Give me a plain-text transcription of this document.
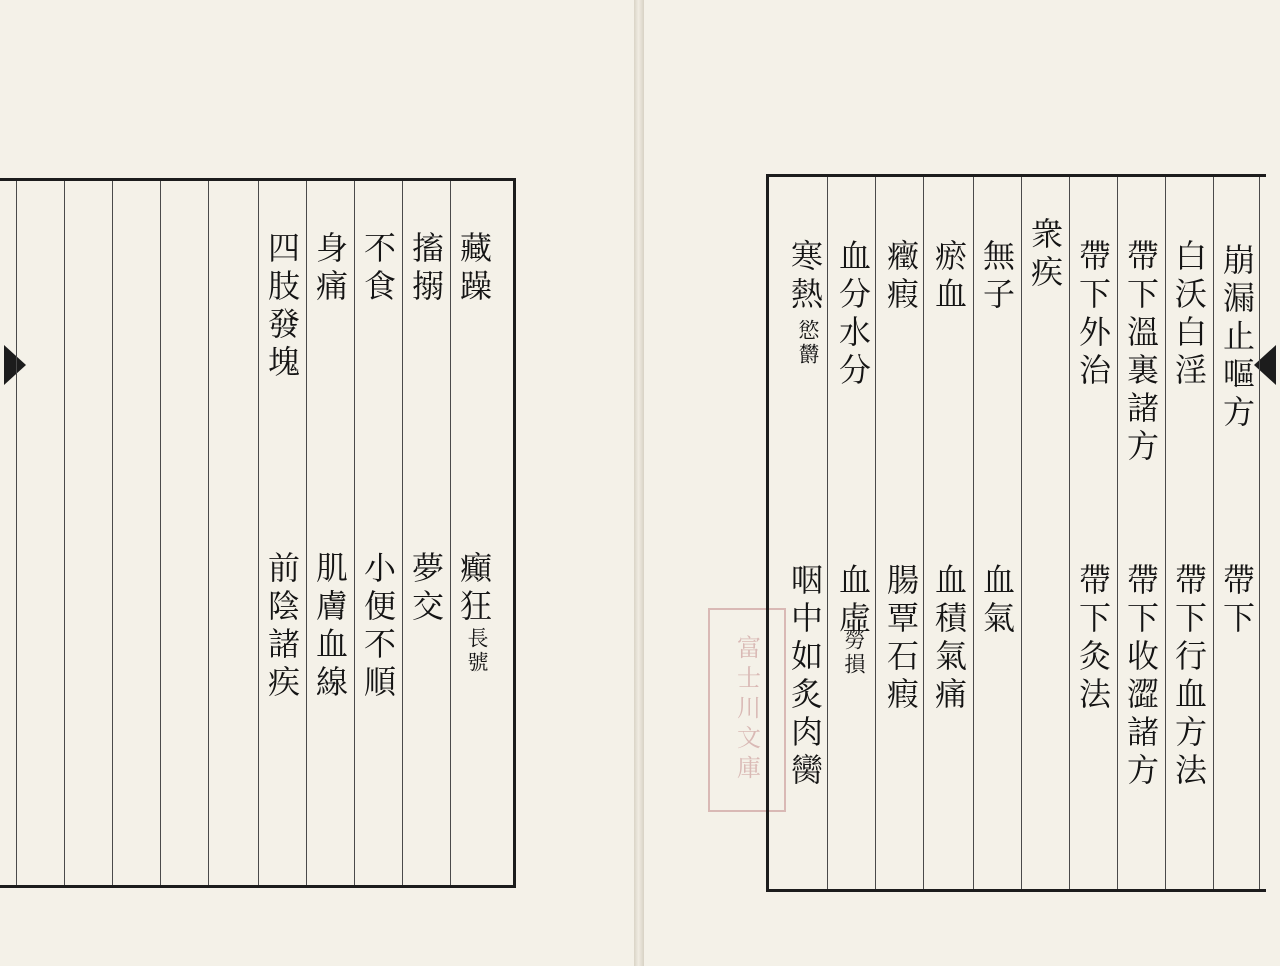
富士川文庫

藏躁
癲狂
長號
搐搦
夢交
不食
小便不順
身痛
肌膚血線
四肢發塊
前陰諸疾

崩漏止嘔方
帶下
白沃白淫
帶下行血方法
帶下溫裏諸方
帶下收澀諸方
帶下外治
帶下灸法
衆疾
無子
血氣
瘀血
血積氣痛
癥瘕
腸覃石瘕
血分水分
血虛
勞損
寒熱
慾欝
咽中如炙肉臠
